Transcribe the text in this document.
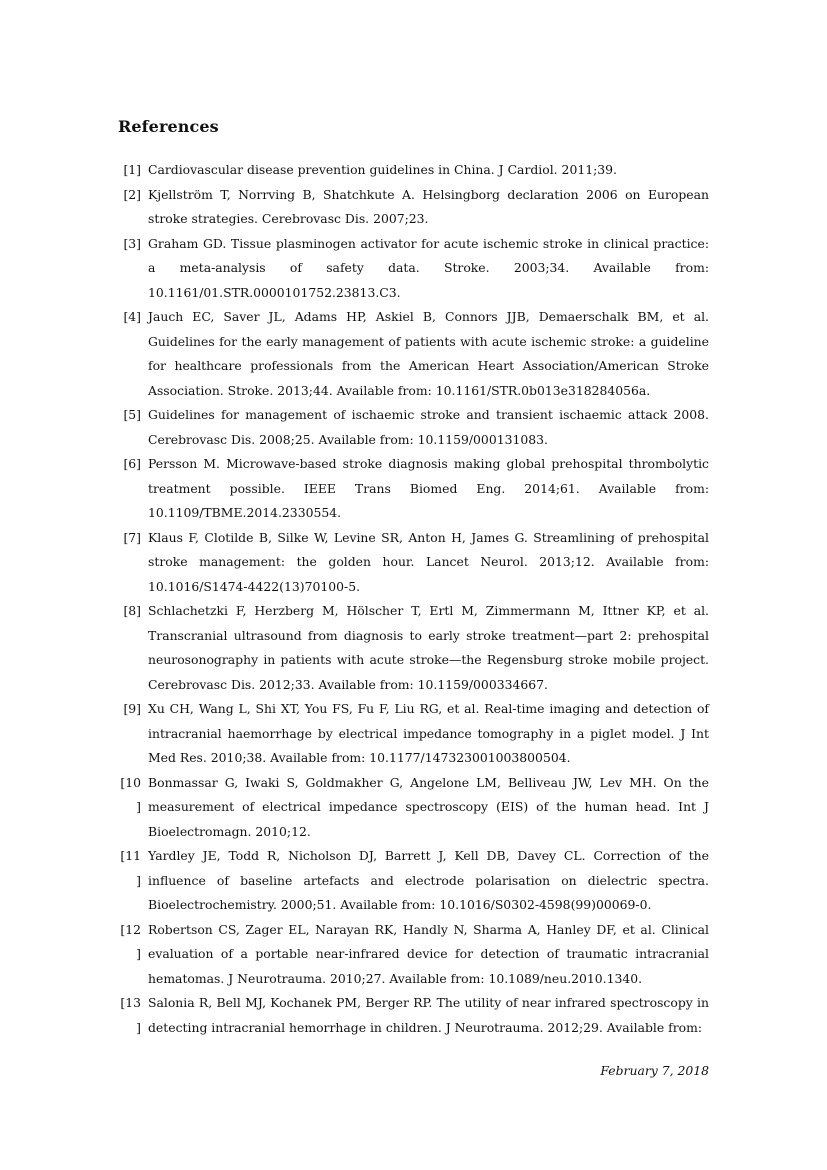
References
[1] Cardiovascular disease prevention guidelines in China. J Cardiol. 2011;39.
[2] Kjellström T, Norrving B, Shatchkute A. Helsingborg declaration 2006 on European stroke strategies. Cerebrovasc Dis. 2007;23.
[3] Graham GD. Tissue plasminogen activator for acute ischemic stroke in clinical practice: a meta-analysis of safety data. Stroke. 2003;34. Available from: 10.1161/01.STR.0000101752.23813.C3.
[4] Jauch EC, Saver JL, Adams HP, Askiel B, Connors JJB, Demaerschalk BM, et al. Guidelines for the early management of patients with acute ischemic stroke: a guideline for healthcare professionals from the American Heart Association/American Stroke Association. Stroke. 2013;44. Available from: 10.1161/STR.0b013e318284056a.
[5] Guidelines for management of ischaemic stroke and transient ischaemic attack 2008. Cerebrovasc Dis. 2008;25. Available from: 10.1159/000131083.
[6] Persson M. Microwave-based stroke diagnosis making global prehospital thrombolytic treatment possible. IEEE Trans Biomed Eng. 2014;61. Available from: 10.1109/TBME.2014.2330554.
[7] Klaus F, Clotilde B, Silke W, Levine SR, Anton H, James G. Streamlining of prehospital stroke management: the golden hour. Lancet Neurol. 2013;12. Available from: 10.1016/S1474-4422(13)70100-5.
[8] Schlachetzki F, Herzberg M, Hölscher T, Ertl M, Zimmermann M, Ittner KP, et al. Transcranial ultrasound from diagnosis to early stroke treatment—part 2: prehospital neurosonography in patients with acute stroke—the Regensburg stroke mobile project. Cerebrovasc Dis. 2012;33. Available from: 10.1159/000334667.
[9] Xu CH, Wang L, Shi XT, You FS, Fu F, Liu RG, et al. Real-time imaging and detection of intracranial haemorrhage by electrical impedance tomography in a piglet model. J Int Med Res. 2010;38. Available from: 10.1177/147323001003800504.
[10]
Bonmassar G, Iwaki S, Goldmakher G, Angelone LM, Belliveau JW, Lev MH. On the measurement of electrical impedance spectroscopy (EIS) of the human head. Int J Bioelectromagn. 2010;12.
[11]
Yardley JE, Todd R, Nicholson DJ, Barrett J, Kell DB, Davey CL. Correction of the influence of baseline artefacts and electrode polarisation on dielectric spectra. Bioelectrochemistry. 2000;51. Available from: 10.1016/S0302-4598(99)00069-0.
[12]
Robertson CS, Zager EL, Narayan RK, Handly N, Sharma A, Hanley DF, et al. Clinical evaluation of a portable near-infrared device for detection of traumatic intracranial hematomas. J Neurotrauma. 2010;27. Available from: 10.1089/neu.2010.1340.
[13]
Salonia R, Bell MJ, Kochanek PM, Berger RP. The utility of near infrared spectroscopy in detecting intracranial hemorrhage in children. J Neurotrauma. 2012;29. Available from:
February 7, 2018
